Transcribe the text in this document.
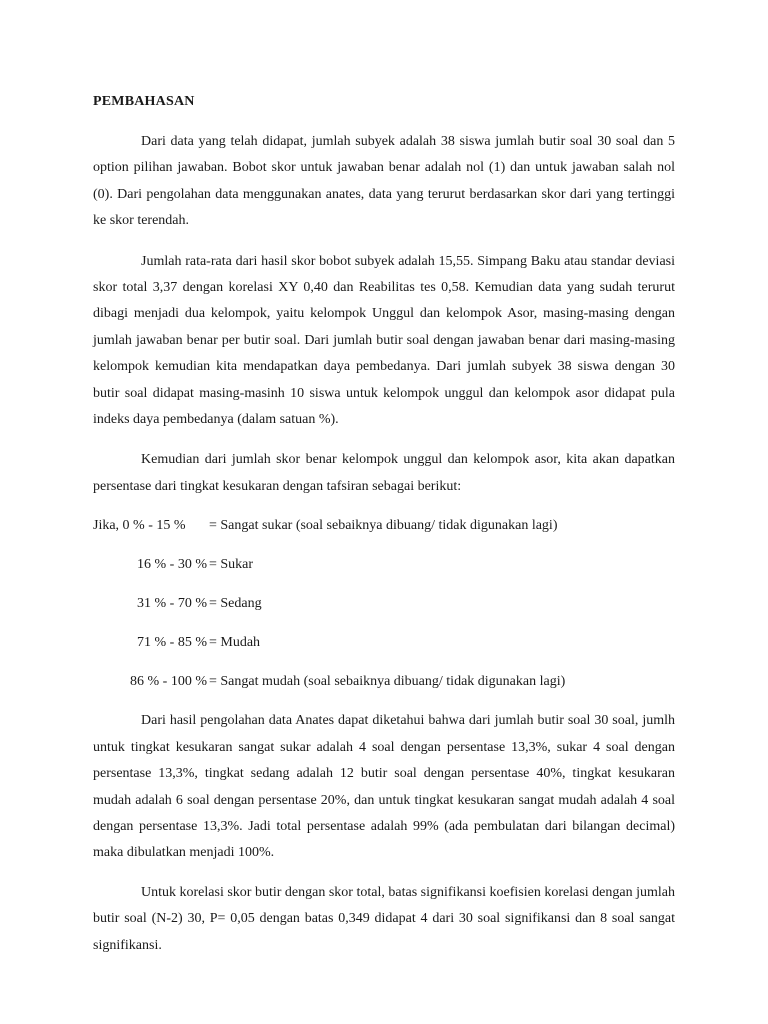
PEMBAHASAN

Dari data yang telah didapat, jumlah subyek adalah 38 siswa jumlah butir soal 30 soal dan 5 option pilihan jawaban. Bobot skor untuk jawaban benar adalah nol (1) dan untuk jawaban salah nol (0). Dari pengolahan data menggunakan anates, data yang terurut berdasarkan skor dari yang tertinggi ke skor terendah.

Jumlah rata-rata dari hasil skor bobot subyek adalah 15,55. Simpang Baku atau standar deviasi skor total 3,37 dengan korelasi XY 0,40 dan Reabilitas tes 0,58. Kemudian data yang sudah terurut dibagi menjadi dua kelompok, yaitu kelompok Unggul dan kelompok Asor, masing-masing dengan jumlah jawaban benar per butir soal. Dari jumlah butir soal dengan jawaban benar dari masing-masing kelompok kemudian kita mendapatkan daya pembedanya. Dari jumlah subyek 38 siswa dengan 30 butir soal didapat masing-masinh 10 siswa untuk kelompok unggul dan kelompok asor didapat pula indeks daya pembedanya (dalam satuan %).

Kemudian dari jumlah skor benar kelompok unggul dan kelompok asor, kita akan dapatkan persentase dari tingkat kesukaran dengan tafsiran sebagai berikut:

Jika, 0 % - 15 %	= Sangat sukar (soal sebaiknya dibuang/ tidak digunakan lagi)
16 % - 30 % = Sukar
31 % - 70 % = Sedang
71 % - 85 % = Mudah
86 % - 100 % = Sangat mudah (soal sebaiknya dibuang/ tidak digunakan lagi)

Dari hasil pengolahan data Anates dapat diketahui bahwa dari jumlah butir soal 30 soal, jumlh untuk tingkat kesukaran sangat sukar adalah 4 soal dengan persentase 13,3%, sukar 4 soal dengan persentase 13,3%, tingkat sedang adalah 12 butir soal dengan persentase 40%, tingkat kesukaran mudah adalah 6 soal dengan persentase 20%, dan untuk tingkat kesukaran sangat mudah adalah 4 soal dengan persentase 13,3%. Jadi total persentase adalah 99% (ada pembulatan dari bilangan decimal) maka dibulatkan menjadi 100%.

Untuk korelasi skor butir dengan skor total, batas signifikansi koefisien korelasi dengan jumlah butir soal (N-2) 30, P= 0,05 dengan batas 0,349 didapat 4 dari 30 soal signifikansi dan 8 soal sangat signifikansi.
